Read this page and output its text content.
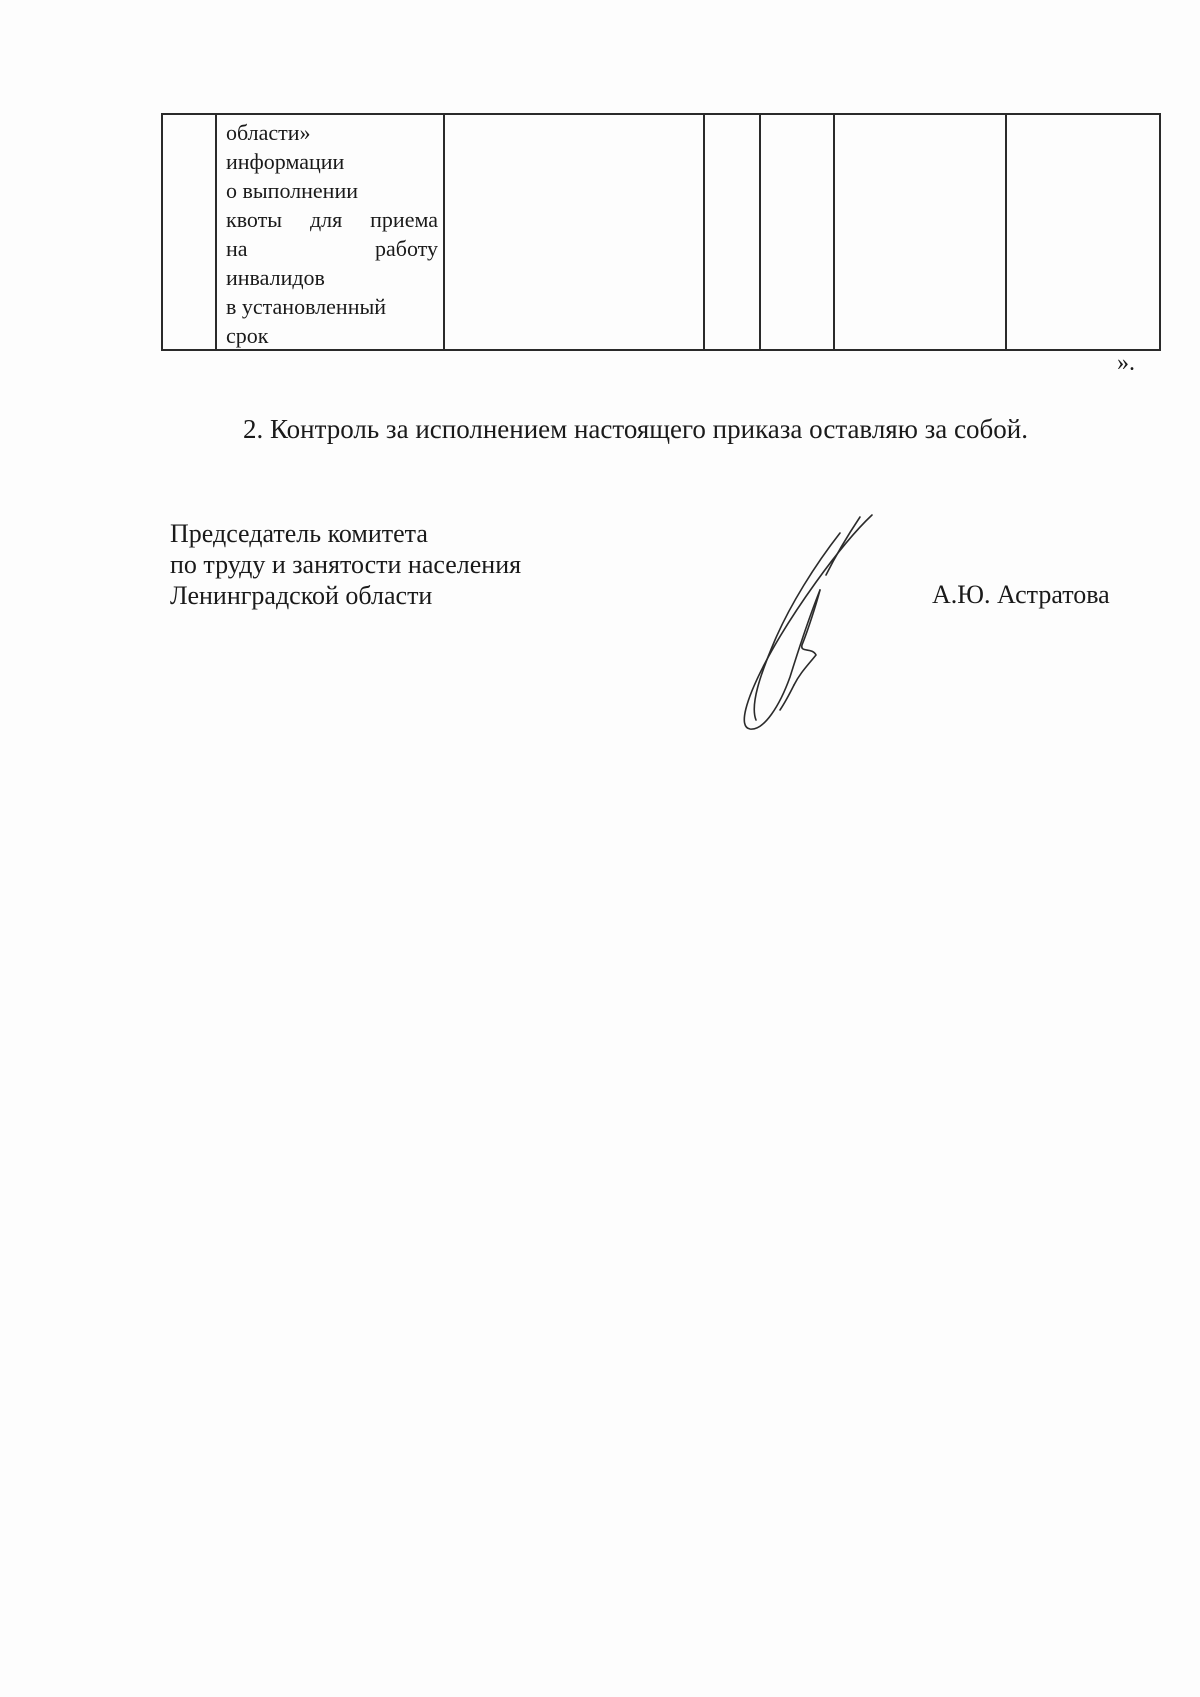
области»
информации
о выполнении
квоты для приема
на	работу
инвалидов
в установленный
срок
».
2. Контроль за исполнением настоящего приказа оставляю за собой.
Председатель комитета
по труду и занятости населения
Ленинградской области	А.Ю. Астратова
